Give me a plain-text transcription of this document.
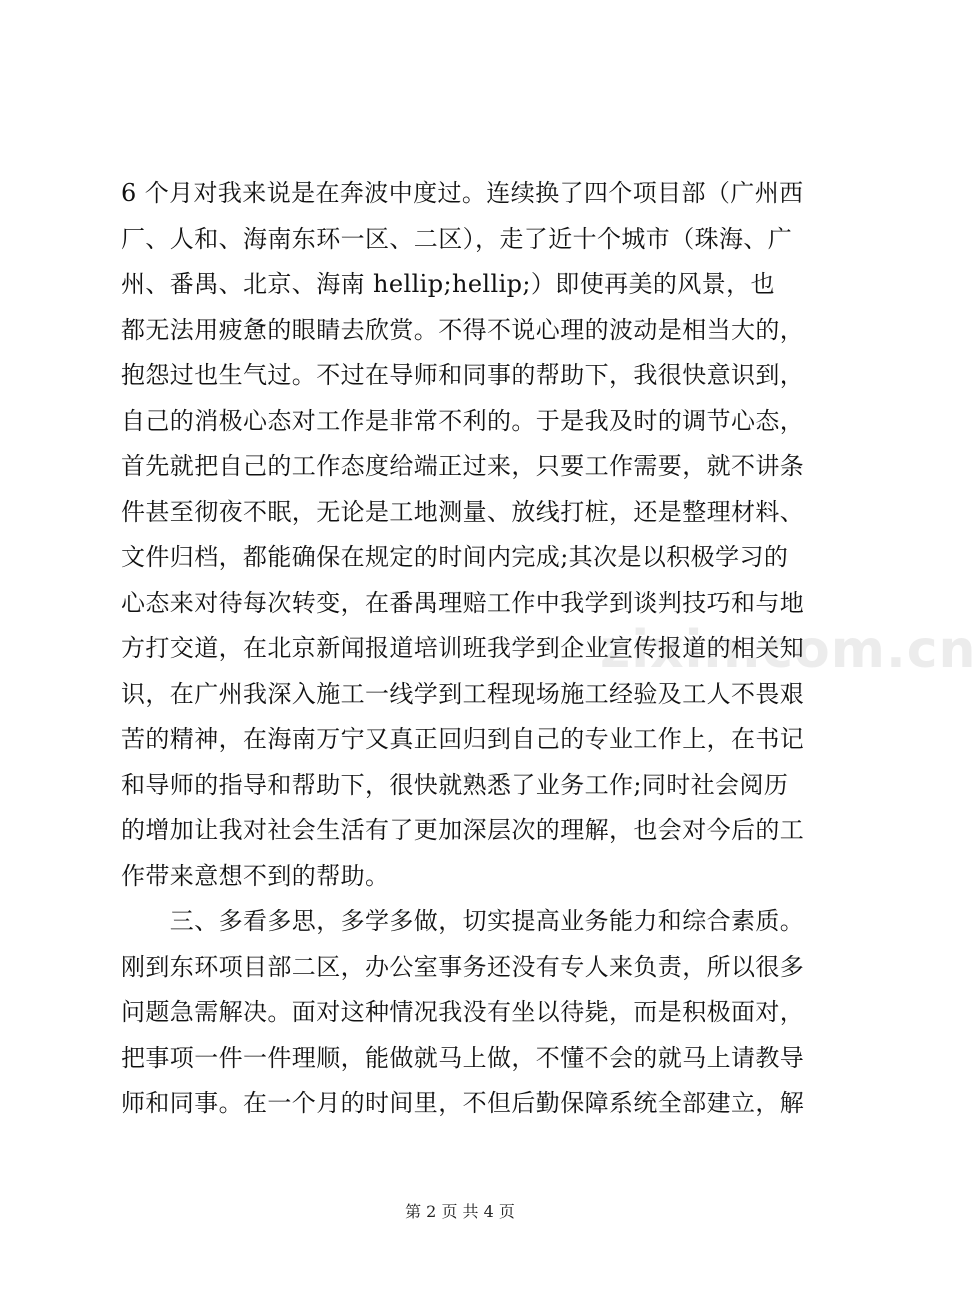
zixin.com.cn
6 个月对我来说是在奔波中度过。连续换了四个项目部（广州西
厂、人和、海南东环一区、二区），走了近十个城市（珠海、广
州、番禺、北京、海南 hellip;hellip;）即使再美的风景，也
都无法用疲惫的眼睛去欣赏。不得不说心理的波动是相当大的，
抱怨过也生气过。不过在导师和同事的帮助下，我很快意识到，
自己的消极心态对工作是非常不利的。于是我及时的调节心态，
首先就把自己的工作态度给端正过来，只要工作需要，就不讲条
件甚至彻夜不眠，无论是工地测量、放线打桩，还是整理材料、
文件归档，都能确保在规定的时间内完成;其次是以积极学习的
心态来对待每次转变，在番禺理赔工作中我学到谈判技巧和与地
方打交道，在北京新闻报道培训班我学到企业宣传报道的相关知
识，在广州我深入施工一线学到工程现场施工经验及工人不畏艰
苦的精神，在海南万宁又真正回归到自己的专业工作上，在书记
和导师的指导和帮助下，很快就熟悉了业务工作;同时社会阅历
的增加让我对社会生活有了更加深层次的理解，也会对今后的工
作带来意想不到的帮助。
　　三、多看多思，多学多做，切实提高业务能力和综合素质。
刚到东环项目部二区，办公室事务还没有专人来负责，所以很多
问题急需解决。面对这种情况我没有坐以待毙，而是积极面对，
把事项一件一件理顺，能做就马上做，不懂不会的就马上请教导
师和同事。在一个月的时间里，不但后勤保障系统全部建立，解
第 2 页 共 4 页
